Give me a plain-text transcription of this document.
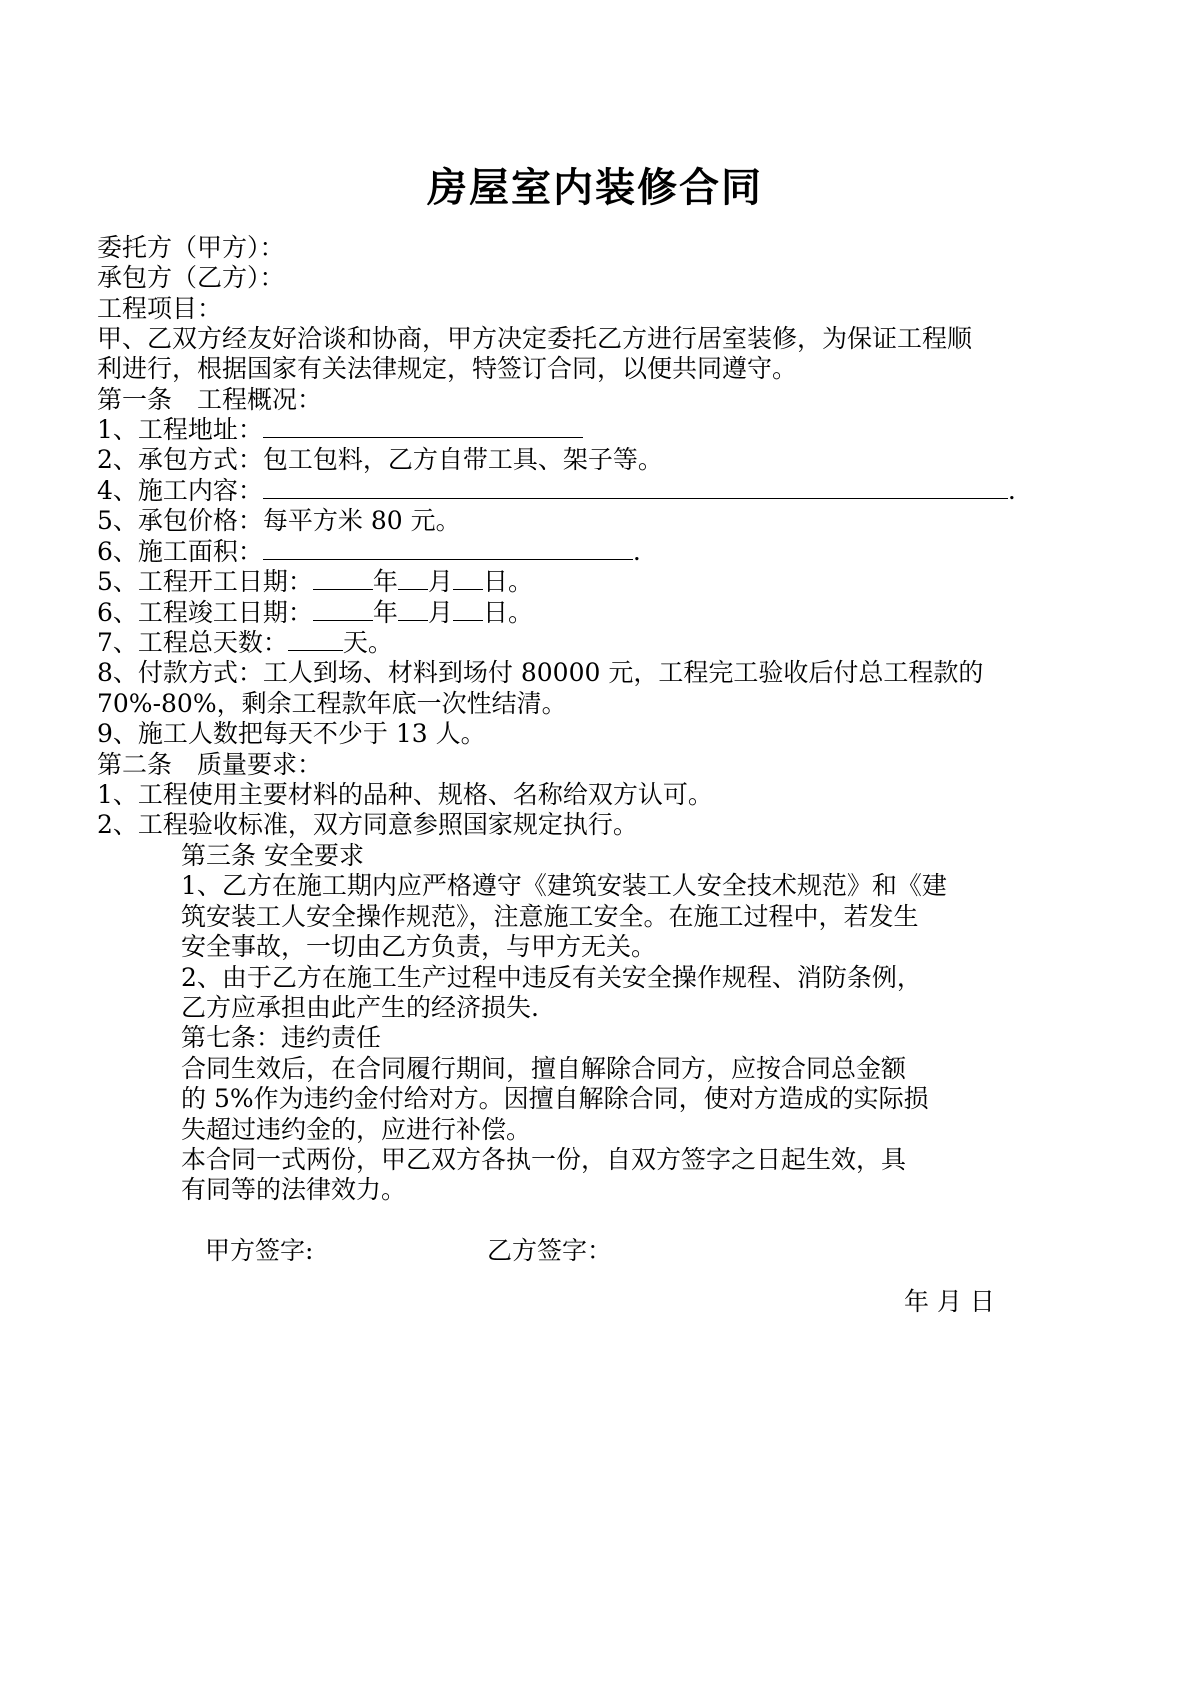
房屋室内装修合同
委托方（甲方）：
承包方（乙方）：
工程项目：
甲、乙双方经友好洽谈和协商，甲方决定委托乙方进行居室装修，为保证工程顺
利进行，根据国家有关法律规定，特签订合同，以便共同遵守。
第一条　工程概况：
1、工程地址：
2、承包方式：包工包料，乙方自带工具、架子等。
4、施工内容：	.
5、承包价格：每平方米 80 元。
6、施工面积：	.
5、工程开工日期： 年 月 日。
6、工程竣工日期： 年 月 日。
7、工程总天数： 天。
8、付款方式：工人到场、材料到场付 80000 元，工程完工验收后付总工程款的
70%-80%，剩余工程款年底一次性结清。
9、施工人数把每天不少于 13 人。
第二条　质量要求：
1、工程使用主要材料的品种、规格、名称给双方认可。
2、工程验收标准，双方同意参照国家规定执行。
第三条 安全要求
1、乙方在施工期内应严格遵守《建筑安装工人安全技术规范》和《建
筑安装工人安全操作规范》，注意施工安全。在施工过程中，若发生
安全事故，一切由乙方负责，与甲方无关。
2、由于乙方在施工生产过程中违反有关安全操作规程、消防条例，
乙方应承担由此产生的经济损失.
第七条：违约责任
合同生效后，在合同履行期间，擅自解除合同方，应按合同总金额
的 5%作为违约金付给对方。因擅自解除合同，使对方造成的实际损
失超过违约金的，应进行补偿。
本合同一式两份，甲乙双方各执一份，自双方签字之日起生效，具
有同等的法律效力。
甲方签字:	乙方签字：
年 月 日
